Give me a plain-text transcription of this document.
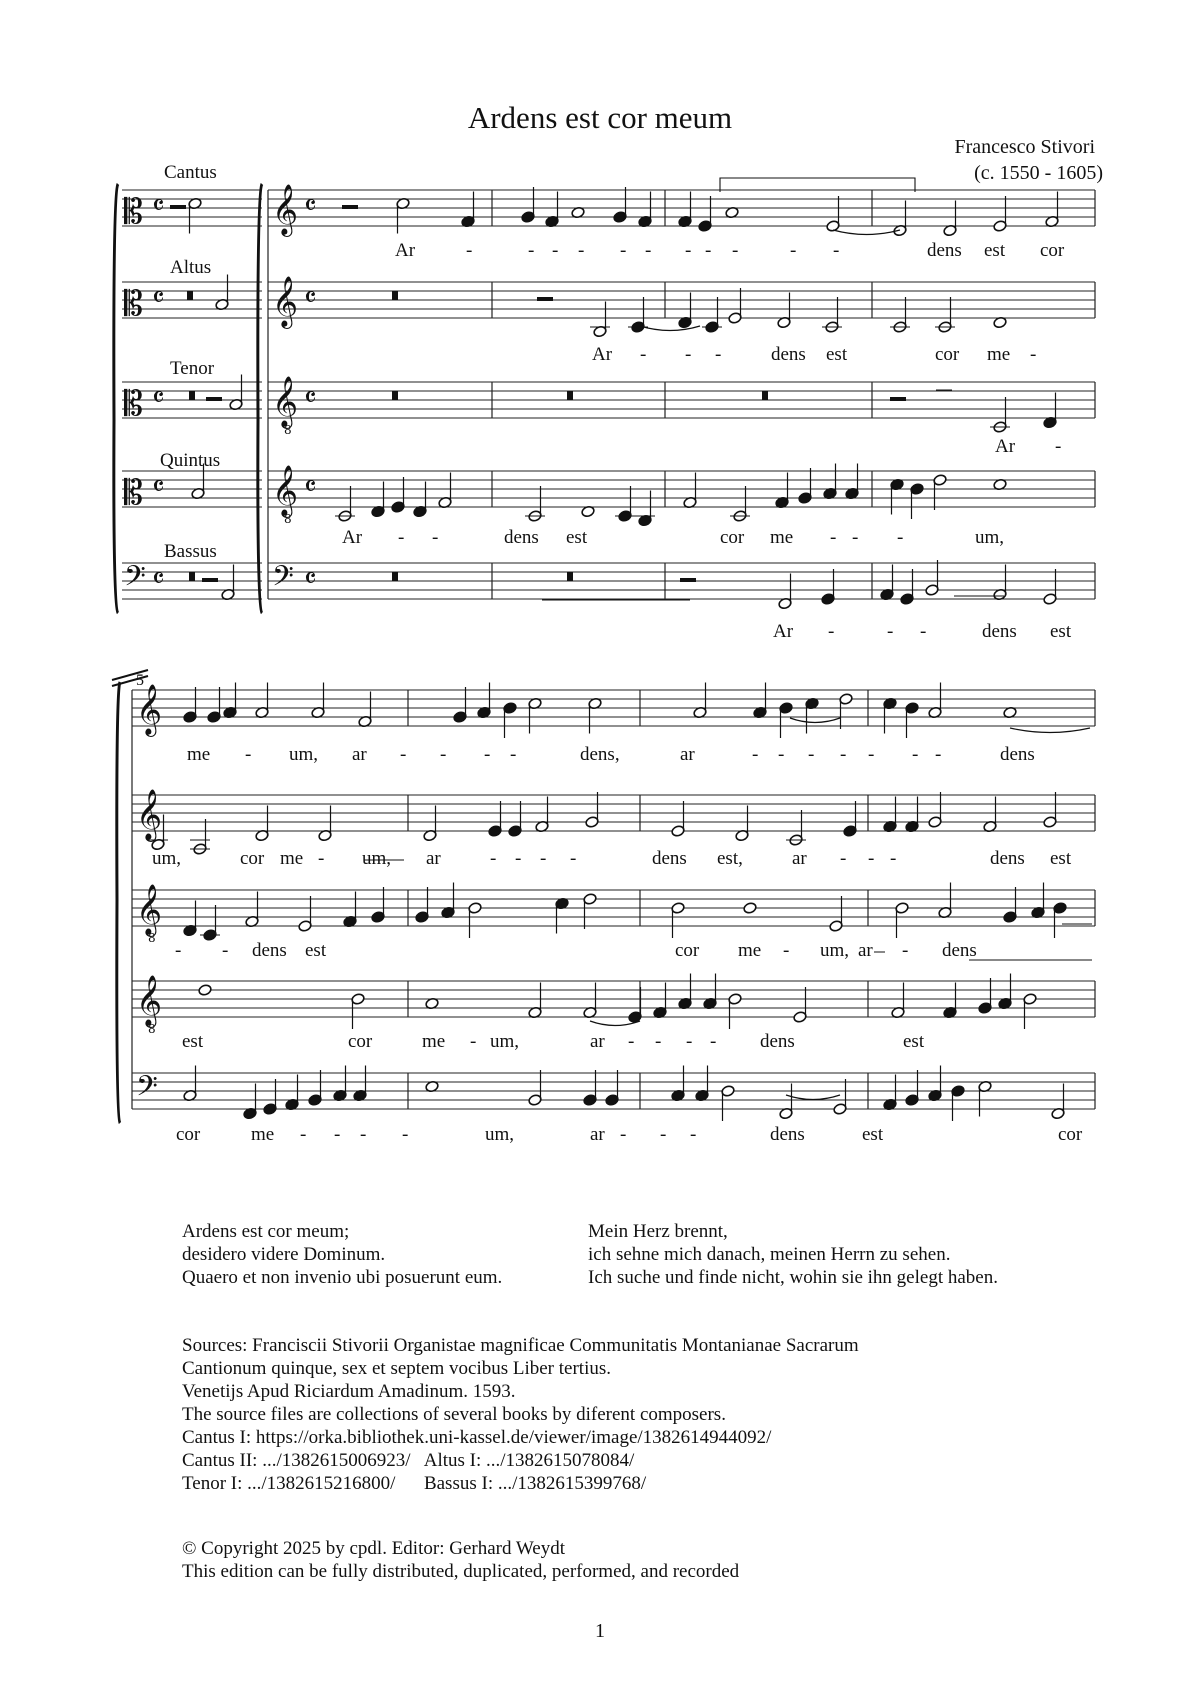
Ardens est cor meum
Francesco Stivori
(c. 1550 - 1605)
Cantus
Altus
Tenor
Quintus
Bassus
𝄡 𝄴
𝄡 𝄴
𝄡 𝄴
𝄡 𝄴
𝄢 𝄴
𝄞 𝄴
𝄞 𝄴
𝄞
8
𝄴
𝄞
8
𝄴
𝄢 𝄴
𝄞
𝄞
𝄞
8
𝄞
8
𝄢
Ar	-	- - - - - - - -	- -	dens est cor
Ar - - -	dens est	cor me -
Ar -
Ar - -	dens est	cor me - - -	um,
Ar -	- -	dens est
me - um, ar - - - -	dens,	ar	- - - - - - -	dens
um,	cor me - um, ar	- - - -	dens est,	ar - - -	dens est
- - dens est	cor me - um, ar - dens
est	cor	me - um,	ar - - - - dens	est
cor	me - - - -	um,	ar - - -	dens	est	cor
5
Ardens est cor meum;
desidero videre Dominum.
Quaero et non invenio ubi posuerunt eum.
Mein Herz brennt,
ich sehne mich danach, meinen Herrn zu sehen.
Ich suche und finde nicht, wohin sie ihn gelegt haben.
Sources: Franciscii Stivorii Organistae magnificae Communitatis Montanianae Sacrarum
Cantionum quinque, sex et septem vocibus Liber tertius.
Venetijs Apud Riciardum Amadinum. 1593.
The source files are collections of several books by diferent composers.
Cantus I: https://orka.bibliothek.uni-kassel.de/viewer/image/1382614944092/
Cantus II: .../1382615006923/   Altus I: .../1382615078084/
Tenor I: .../1382615216800/      Bassus I: .../1382615399768/
© Copyright 2025 by cpdl. Editor: Gerhard Weydt
This edition can be fully distributed, duplicated, performed, and recorded
1
